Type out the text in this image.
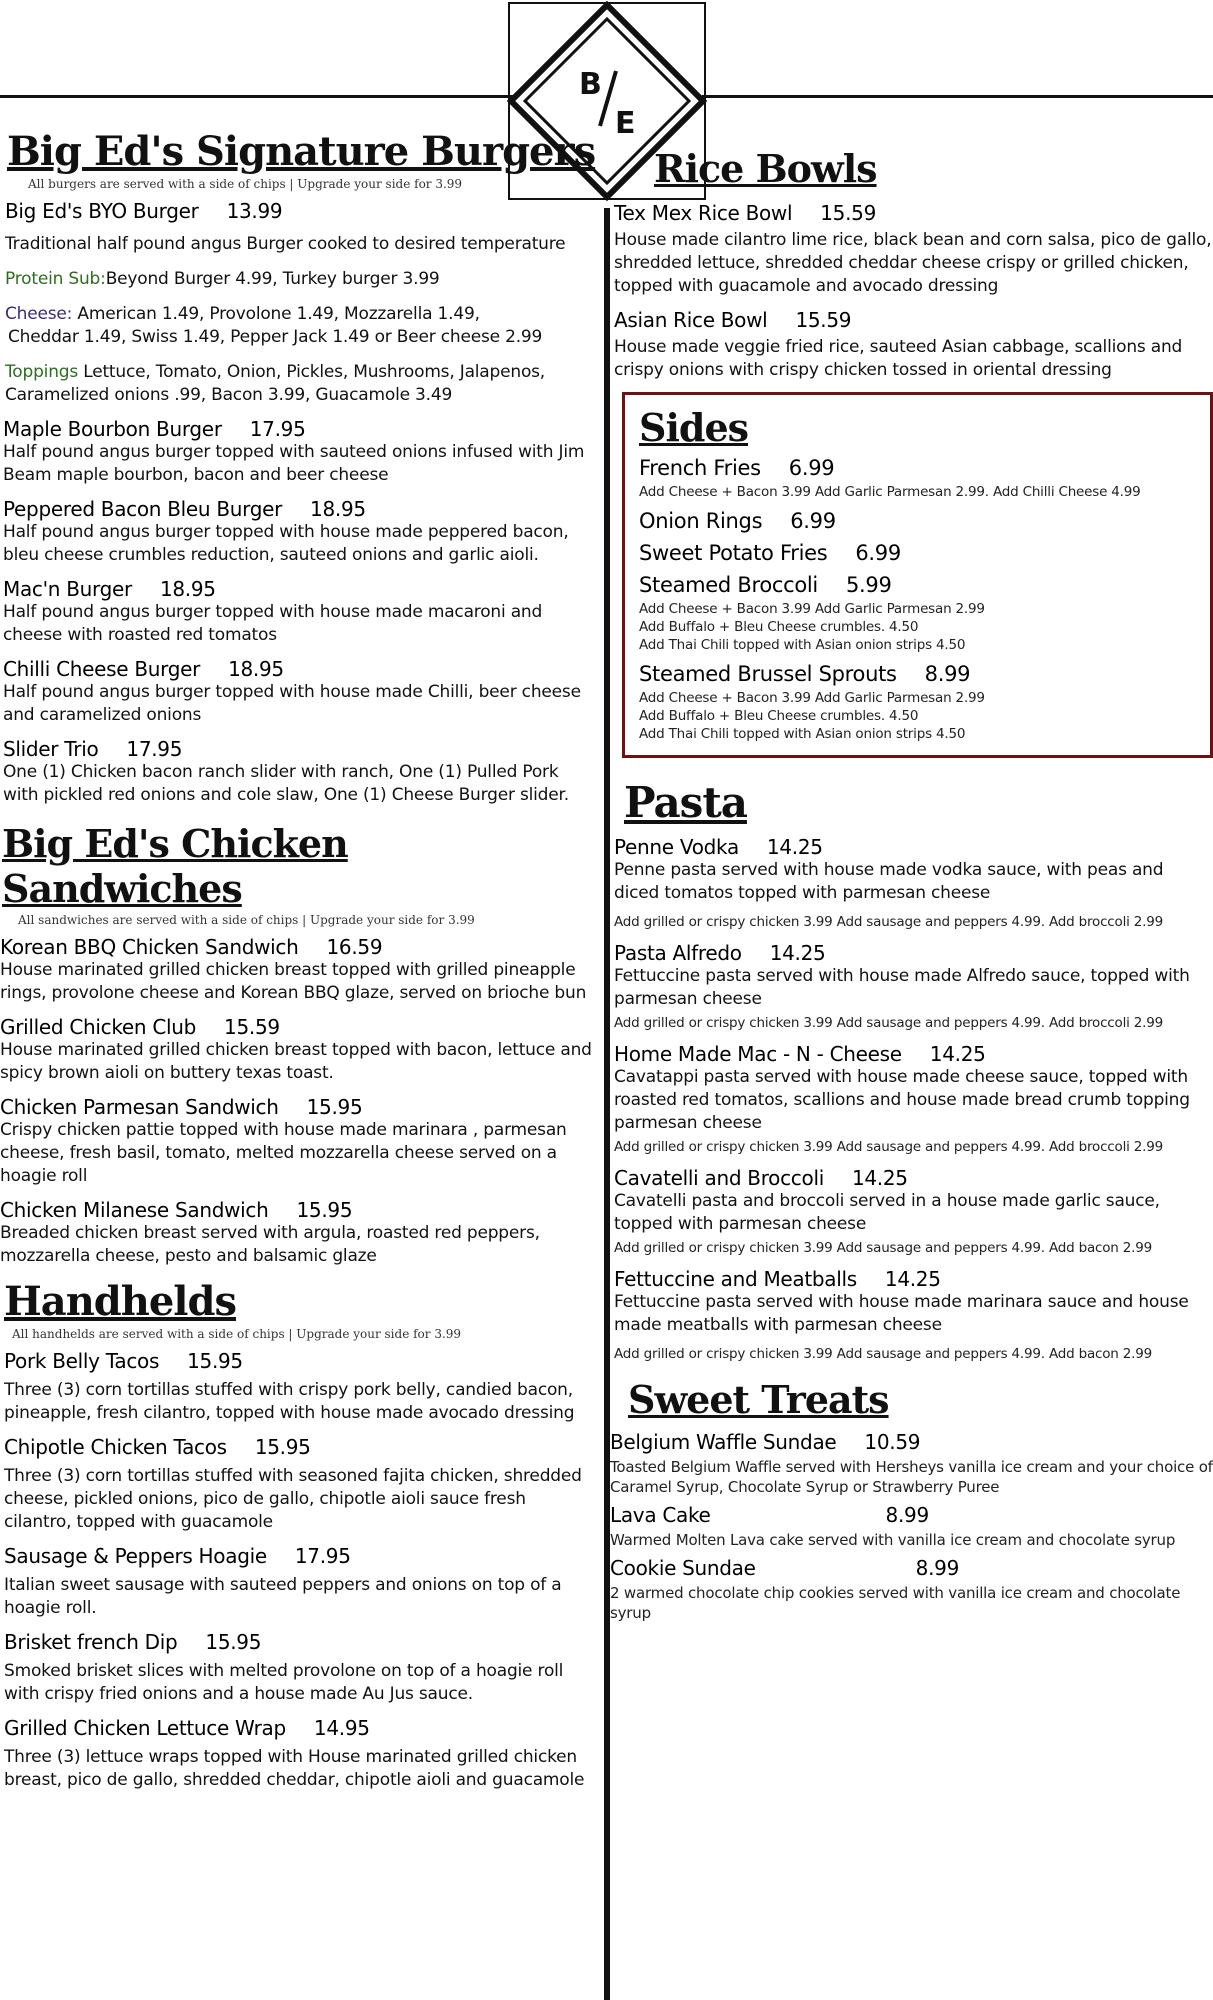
B
E
Big Ed's Signature Burgers
All burgers are served with a side of chips | Upgrade your side for 3.99
Big Ed's BYO Burger 13.99
Traditional half pound angus Burger cooked to desired temperature
Protein Sub:Beyond Burger 4.99, Turkey burger 3.99
Cheese: American 1.49, Provolone 1.49, Mozzarella 1.49,
Cheddar 1.49, Swiss 1.49, Pepper Jack 1.49 or Beer cheese 2.99
Toppings Lettuce, Tomato, Onion, Pickles, Mushrooms, Jalapenos,
Caramelized onions .99, Bacon 3.99, Guacamole 3.49
Maple Bourbon Burger 17.95
Half pound angus burger topped with sauteed onions infused with Jim Beam maple bourbon, bacon and beer cheese
Peppered Bacon Bleu Burger 18.95
Half pound angus burger topped with house made peppered bacon, bleu cheese crumbles reduction, sauteed onions and garlic aioli.
Mac'n Burger 18.95
Half pound angus burger topped with house made macaroni and cheese with roasted red tomatos
Chilli Cheese Burger 18.95
Half pound angus burger topped with house made Chilli, beer cheese and caramelized onions
Slider Trio 17.95
One (1) Chicken bacon ranch slider with ranch, One (1) Pulled Pork with pickled red onions and cole slaw, One (1) Cheese Burger slider.
Big Ed's Chicken Sandwiches
All sandwiches are served with a side of chips | Upgrade your side for 3.99
Korean BBQ Chicken Sandwich 16.59
House marinated grilled chicken breast topped with grilled pineapple rings, provolone cheese and Korean BBQ glaze, served on brioche bun
Grilled Chicken Club 15.59
House marinated grilled chicken breast topped with bacon, lettuce and spicy brown aioli on buttery texas toast.
Chicken Parmesan Sandwich 15.95
Crispy chicken pattie topped with house made marinara , parmesan cheese, fresh basil, tomato, melted mozzarella cheese served on a hoagie roll
Chicken Milanese Sandwich 15.95
Breaded chicken breast served with argula, roasted red peppers, mozzarella cheese, pesto and balsamic glaze
Handhelds
All handhelds are served with a side of chips | Upgrade your side for 3.99
Pork Belly Tacos 15.95
Three (3) corn tortillas stuffed with crispy pork belly, candied bacon, pineapple, fresh cilantro, topped with house made avocado dressing
Chipotle Chicken Tacos 15.95
Three (3) corn tortillas stuffed with seasoned fajita chicken, shredded cheese, pickled onions, pico de gallo, chipotle aioli sauce fresh cilantro, topped with guacamole
Sausage & Peppers Hoagie 17.95
Italian sweet sausage with sauteed peppers and onions on top of a hoagie roll.
Brisket french Dip 15.95
Smoked brisket slices with melted provolone on top of a hoagie roll with crispy fried onions and a house made Au Jus sauce.
Grilled Chicken Lettuce Wrap 14.95
Three (3) lettuce wraps topped with House marinated grilled chicken breast, pico de gallo, shredded cheddar, chipotle aioli and guacamole
Rice Bowls
Tex Mex Rice Bowl 15.59
House made cilantro lime rice, black bean and corn salsa, pico de gallo, shredded lettuce, shredded cheddar cheese crispy or grilled chicken, topped with guacamole and avocado dressing
Asian Rice Bowl 15.59
House made veggie fried rice, sauteed Asian cabbage, scallions and crispy onions with crispy chicken tossed in oriental dressing
Sides
French Fries 6.99
Add Cheese + Bacon 3.99 Add Garlic Parmesan 2.99. Add Chilli Cheese 4.99
Onion Rings 6.99
Sweet Potato Fries 6.99
Steamed Broccoli 5.99
Add Cheese + Bacon 3.99 Add Garlic Parmesan 2.99
Add Buffalo + Bleu Cheese crumbles. 4.50
Add Thai Chili topped with Asian onion strips 4.50
Steamed Brussel Sprouts 8.99
Add Cheese + Bacon 3.99 Add Garlic Parmesan 2.99
Add Buffalo + Bleu Cheese crumbles. 4.50
Add Thai Chili topped with Asian onion strips 4.50
Pasta
Penne Vodka 14.25
Penne pasta served with house made vodka sauce, with peas and diced tomatos topped with parmesan cheese
Add grilled or crispy chicken 3.99 Add sausage and peppers 4.99. Add broccoli 2.99
Pasta Alfredo 14.25
Fettuccine pasta served with house made Alfredo sauce, topped with parmesan cheese
Add grilled or crispy chicken 3.99 Add sausage and peppers 4.99. Add broccoli 2.99
Home Made Mac - N - Cheese 14.25
Cavatappi pasta served with house made cheese sauce, topped with roasted red tomatos, scallions and house made bread crumb topping parmesan cheese
Add grilled or crispy chicken 3.99 Add sausage and peppers 4.99. Add broccoli 2.99
Cavatelli and Broccoli 14.25
Cavatelli pasta and broccoli served in a house made garlic sauce, topped with parmesan cheese
Add grilled or crispy chicken 3.99 Add sausage and peppers 4.99. Add bacon 2.99
Fettuccine and Meatballs 14.25
Fettuccine pasta served with house made marinara sauce and house made meatballs with parmesan cheese
Add grilled or crispy chicken 3.99 Add sausage and peppers 4.99. Add bacon 2.99
Sweet Treats
Belgium Waffle Sundae 10.59
Toasted Belgium Waffle served with Hersheys vanilla ice cream and your choice of Caramel Syrup, Chocolate Syrup or Strawberry Puree
Lava Cake	8.99
Warmed Molten Lava cake served with vanilla ice cream and chocolate syrup
Cookie Sundae	8.99
2 warmed chocolate chip cookies served with vanilla ice cream and chocolate syrup
